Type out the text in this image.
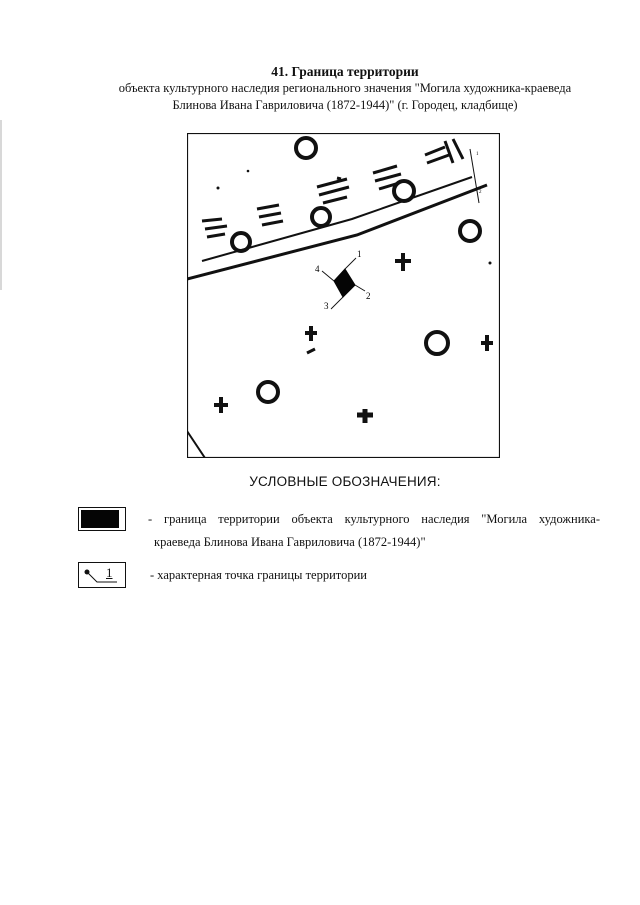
41. Граница территории
объекта культурного наследия регионального значения "Могила художника-краеведа
Блинова Ивана Гавриловича (1872-1944)" (г. Городец, кладбище)
1
2
1
2
3
4
УСЛОВНЫЕ ОБОЗНАЧЕНИЯ:
- граница территории объекта культурного наследия "Могила художника-
краеведа Блинова Ивана Гавриловича (1872-1944)"
1	- характерная точка границы территории
